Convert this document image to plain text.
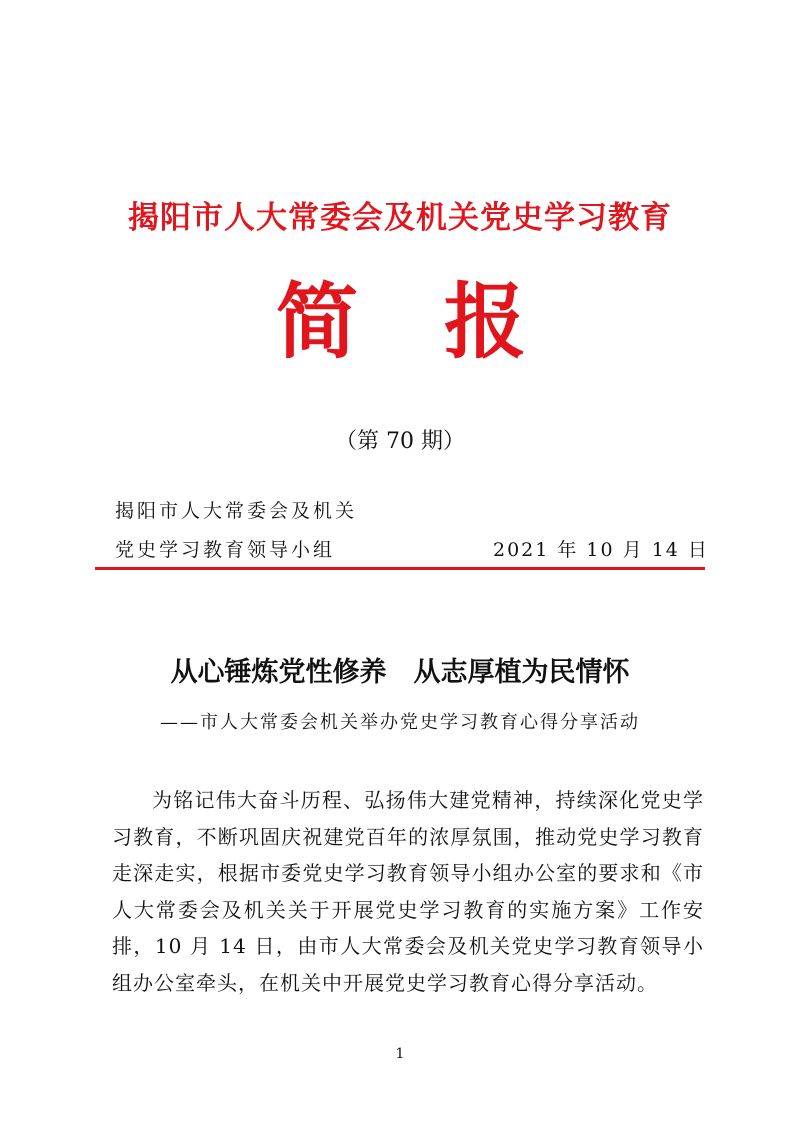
揭阳市人大常委会及机关党史学习教育
简 报
（第 70 期）
揭阳市人大常委会及机关
党史学习教育领导小组	2021 年 10 月 14 日
从心锤炼党性修养　从志厚植为民情怀
——市人大常委会机关举办党史学习教育心得分享活动

为铭记伟大奋斗历程、弘扬伟大建党精神，持续深化党史学习教育，不断巩固庆祝建党百年的浓厚氛围，推动党史学习教育走深走实，根据市委党史学习教育领导小组办公室的要求和《市人大常委会及机关关于开展党史学习教育的实施方案》工作安排，10 月 14 日，由市人大常委会及机关党史学习教育领导小组办公室牵头，在机关中开展党史学习教育心得分享活动。

1
